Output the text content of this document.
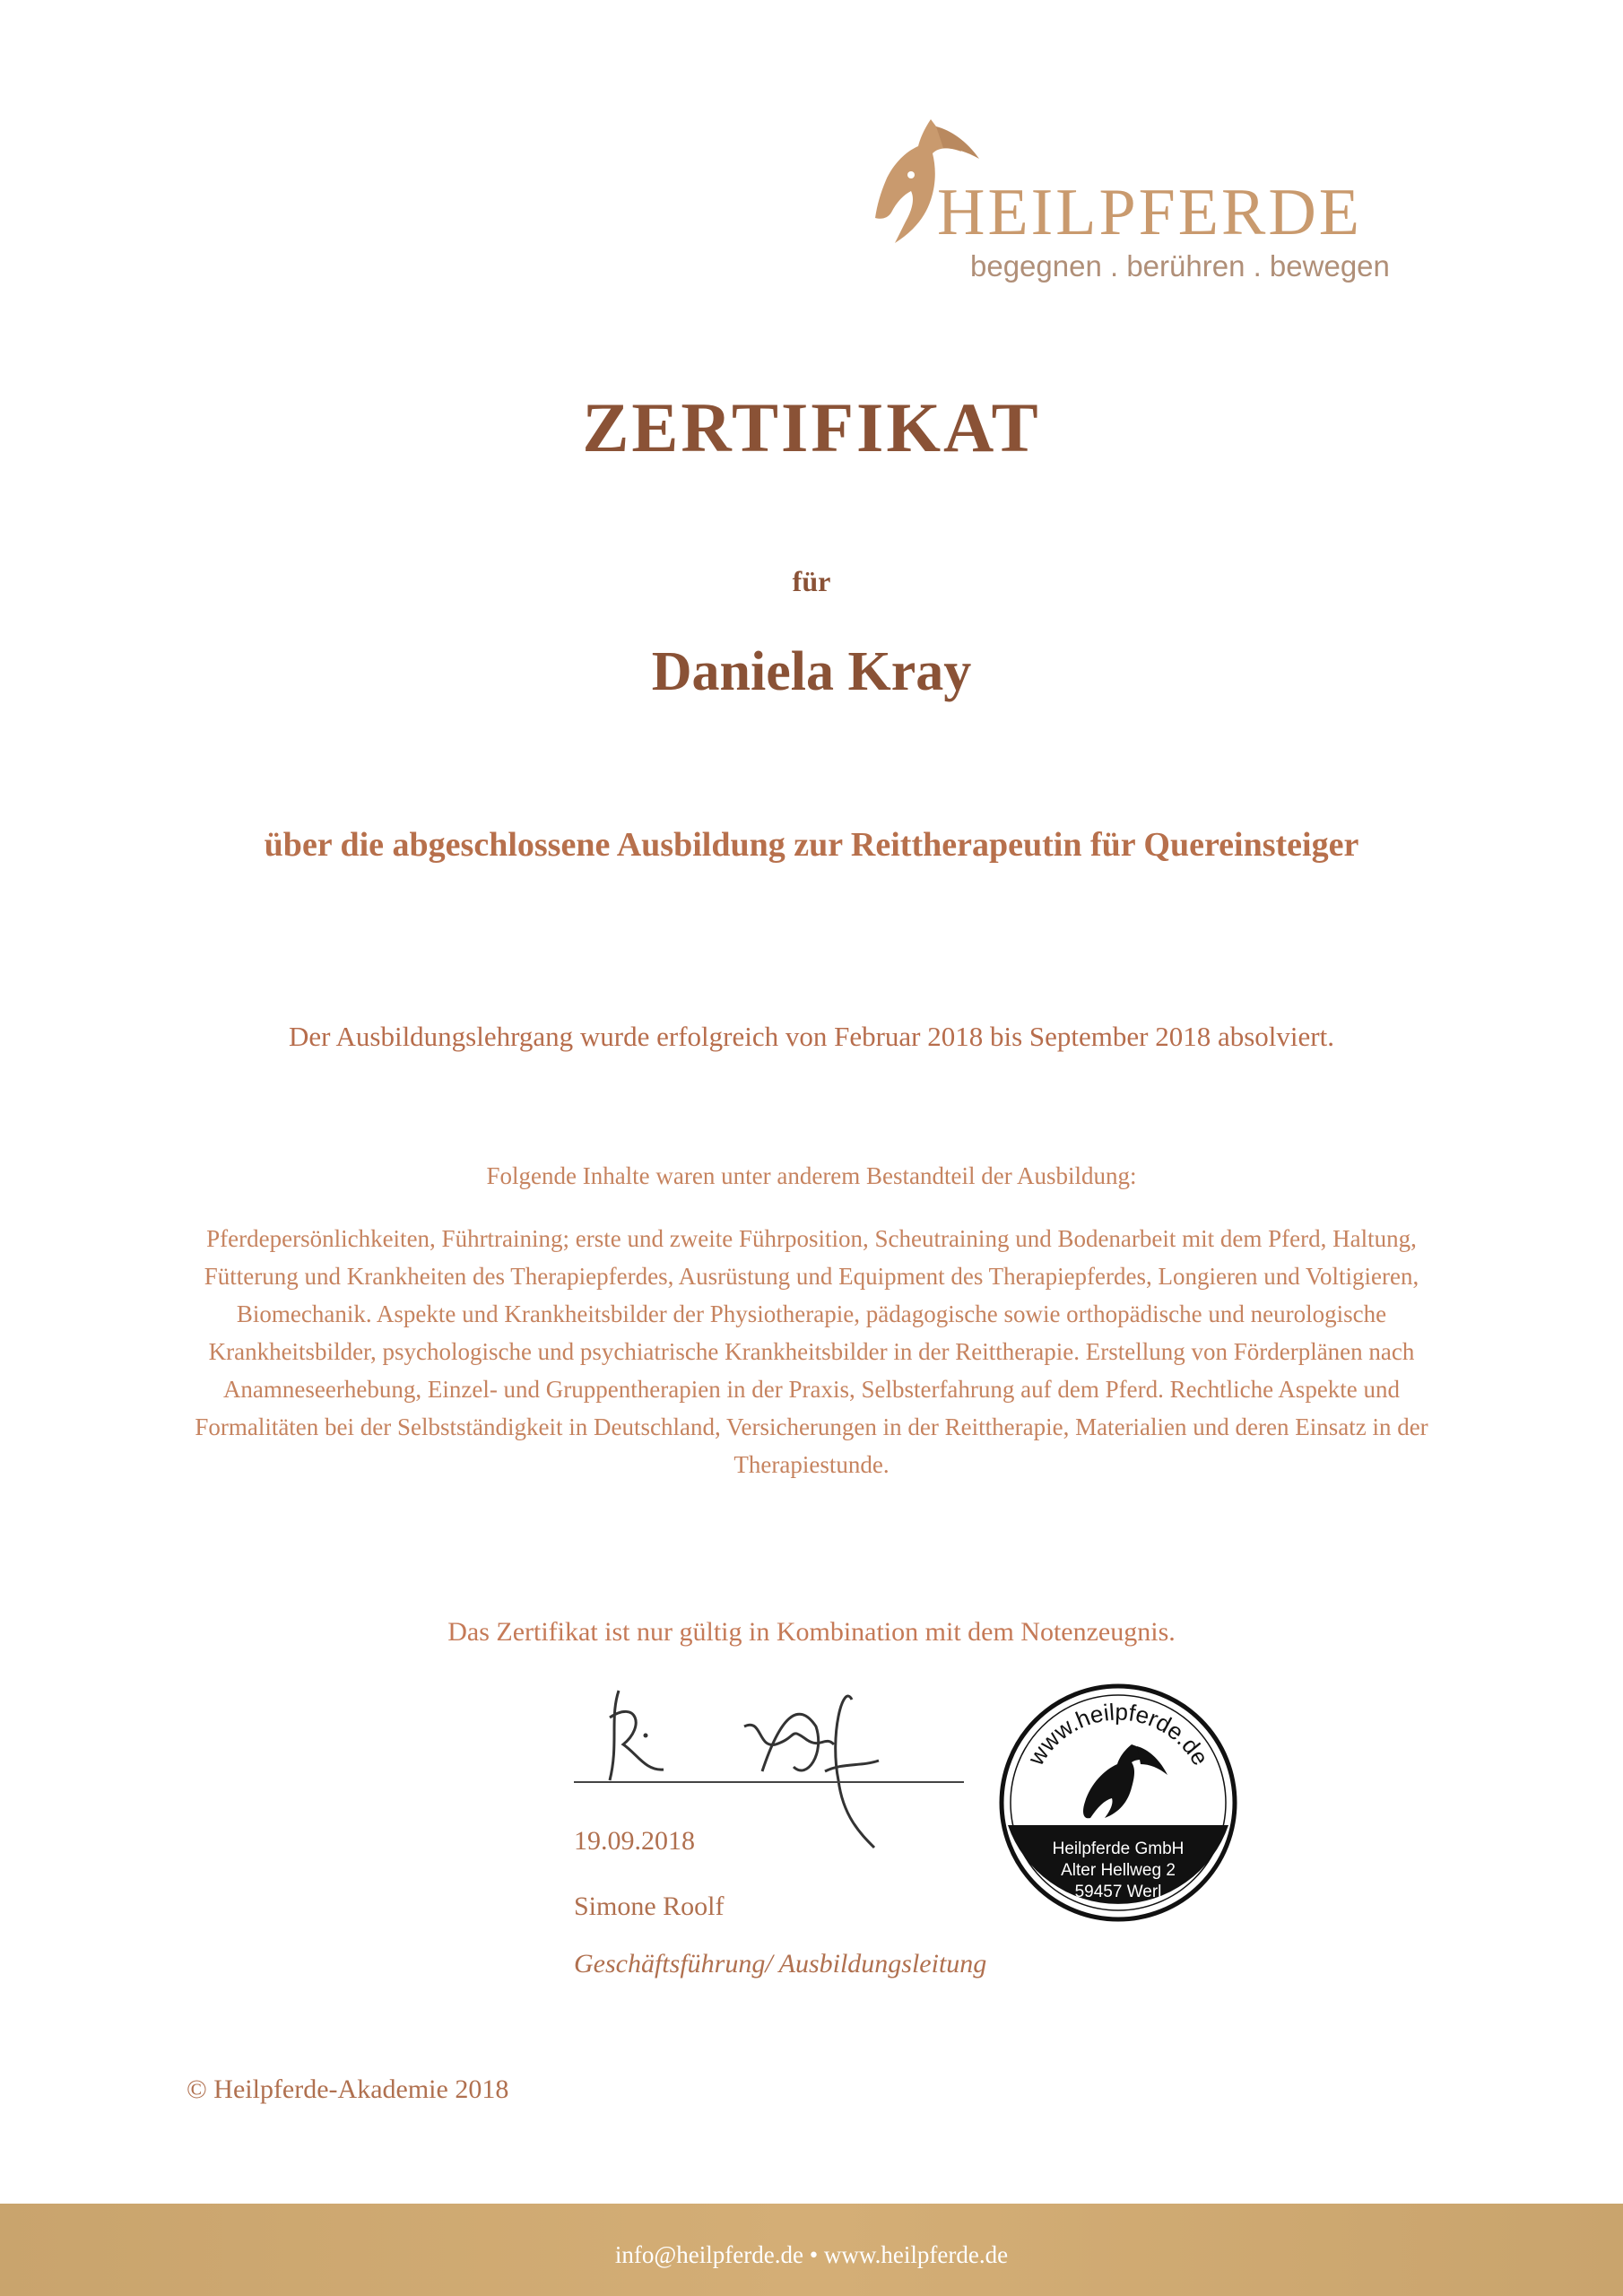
HEILPFERDE
begegnen . berühren . bewegen
ZERTIFIKAT
für
Daniela Kray
über die abgeschlossene Ausbildung zur Reittherapeutin für Quereinsteiger
Der Ausbildungslehrgang wurde erfolgreich von Februar 2018 bis September 2018 absolviert.
Folgende Inhalte waren unter anderem Bestandteil der Ausbildung:
Pferdepersönlichkeiten, Führtraining; erste und zweite Führposition, Scheutraining und Bodenarbeit mit dem Pferd, Haltung, Fütterung und Krankheiten des Therapiepferdes, Ausrüstung und Equipment des Therapiepferdes, Longieren und Voltigieren, Biomechanik. Aspekte und Krankheitsbilder der Physiotherapie, pädagogische sowie orthopädische und neurologische Krankheitsbilder, psychologische und psychiatrische Krankheitsbilder in der Reittherapie. Erstellung von Förderplänen nach Anamneseerhebung, Einzel- und Gruppentherapien in der Praxis, Selbsterfahrung auf dem Pferd. Rechtliche Aspekte und Formalitäten bei der Selbstständigkeit in Deutschland, Versicherungen in der Reittherapie, Materialien und deren Einsatz in der Therapiestunde.
Das Zertifikat ist nur gültig in Kombination mit dem Notenzeugnis.
19.09.2018
Simone Roolf
Geschäftsführung/ Ausbildungsleitung
www.heilpferde.de
Heilpferde GmbH
Alter Hellweg 2
59457 Werl
© Heilpferde-Akademie 2018
info@heilpferde.de • www.heilpferde.de
